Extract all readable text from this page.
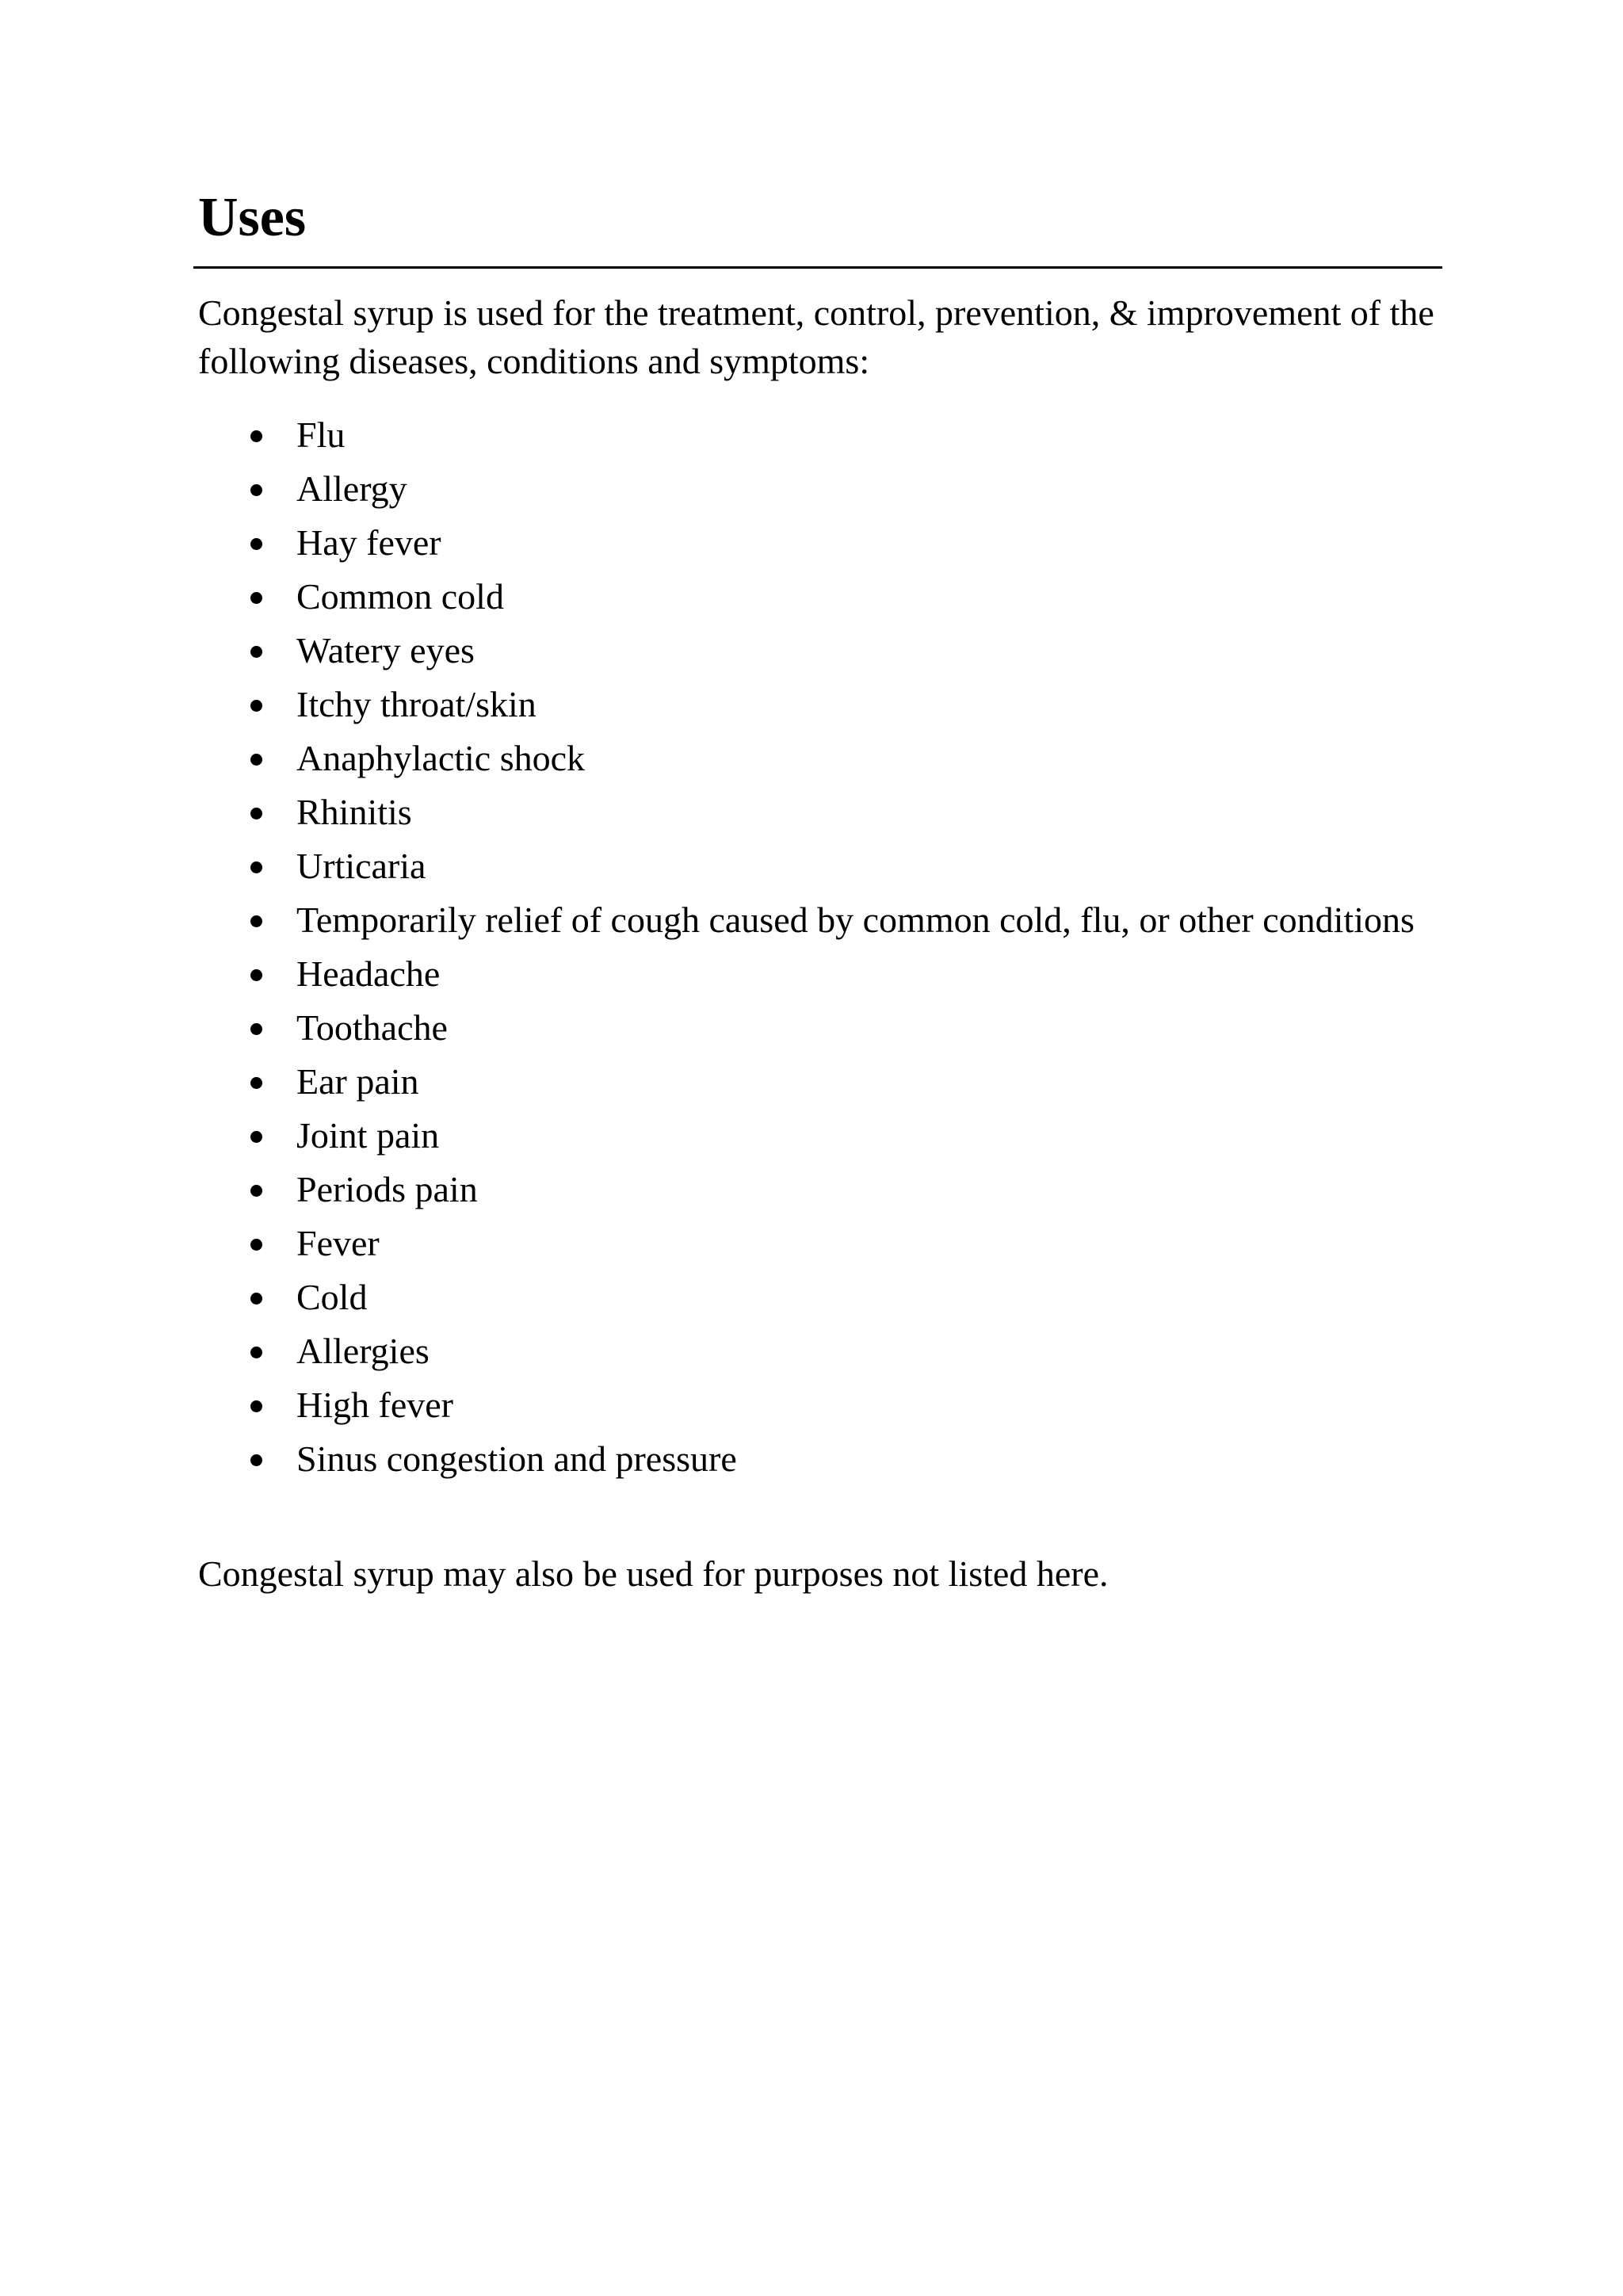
Uses

Congestal syrup is used for the treatment, control, prevention, & improvement of the following diseases, conditions and symptoms:

Flu
Allergy
Hay fever
Common cold
Watery eyes
Itchy throat/skin
Anaphylactic shock
Rhinitis
Urticaria
Temporarily relief of cough caused by common cold, flu, or other conditions
Headache
Toothache
Ear pain
Joint pain
Periods pain
Fever
Cold
Allergies
High fever
Sinus congestion and pressure

Congestal syrup may also be used for purposes not listed here.
